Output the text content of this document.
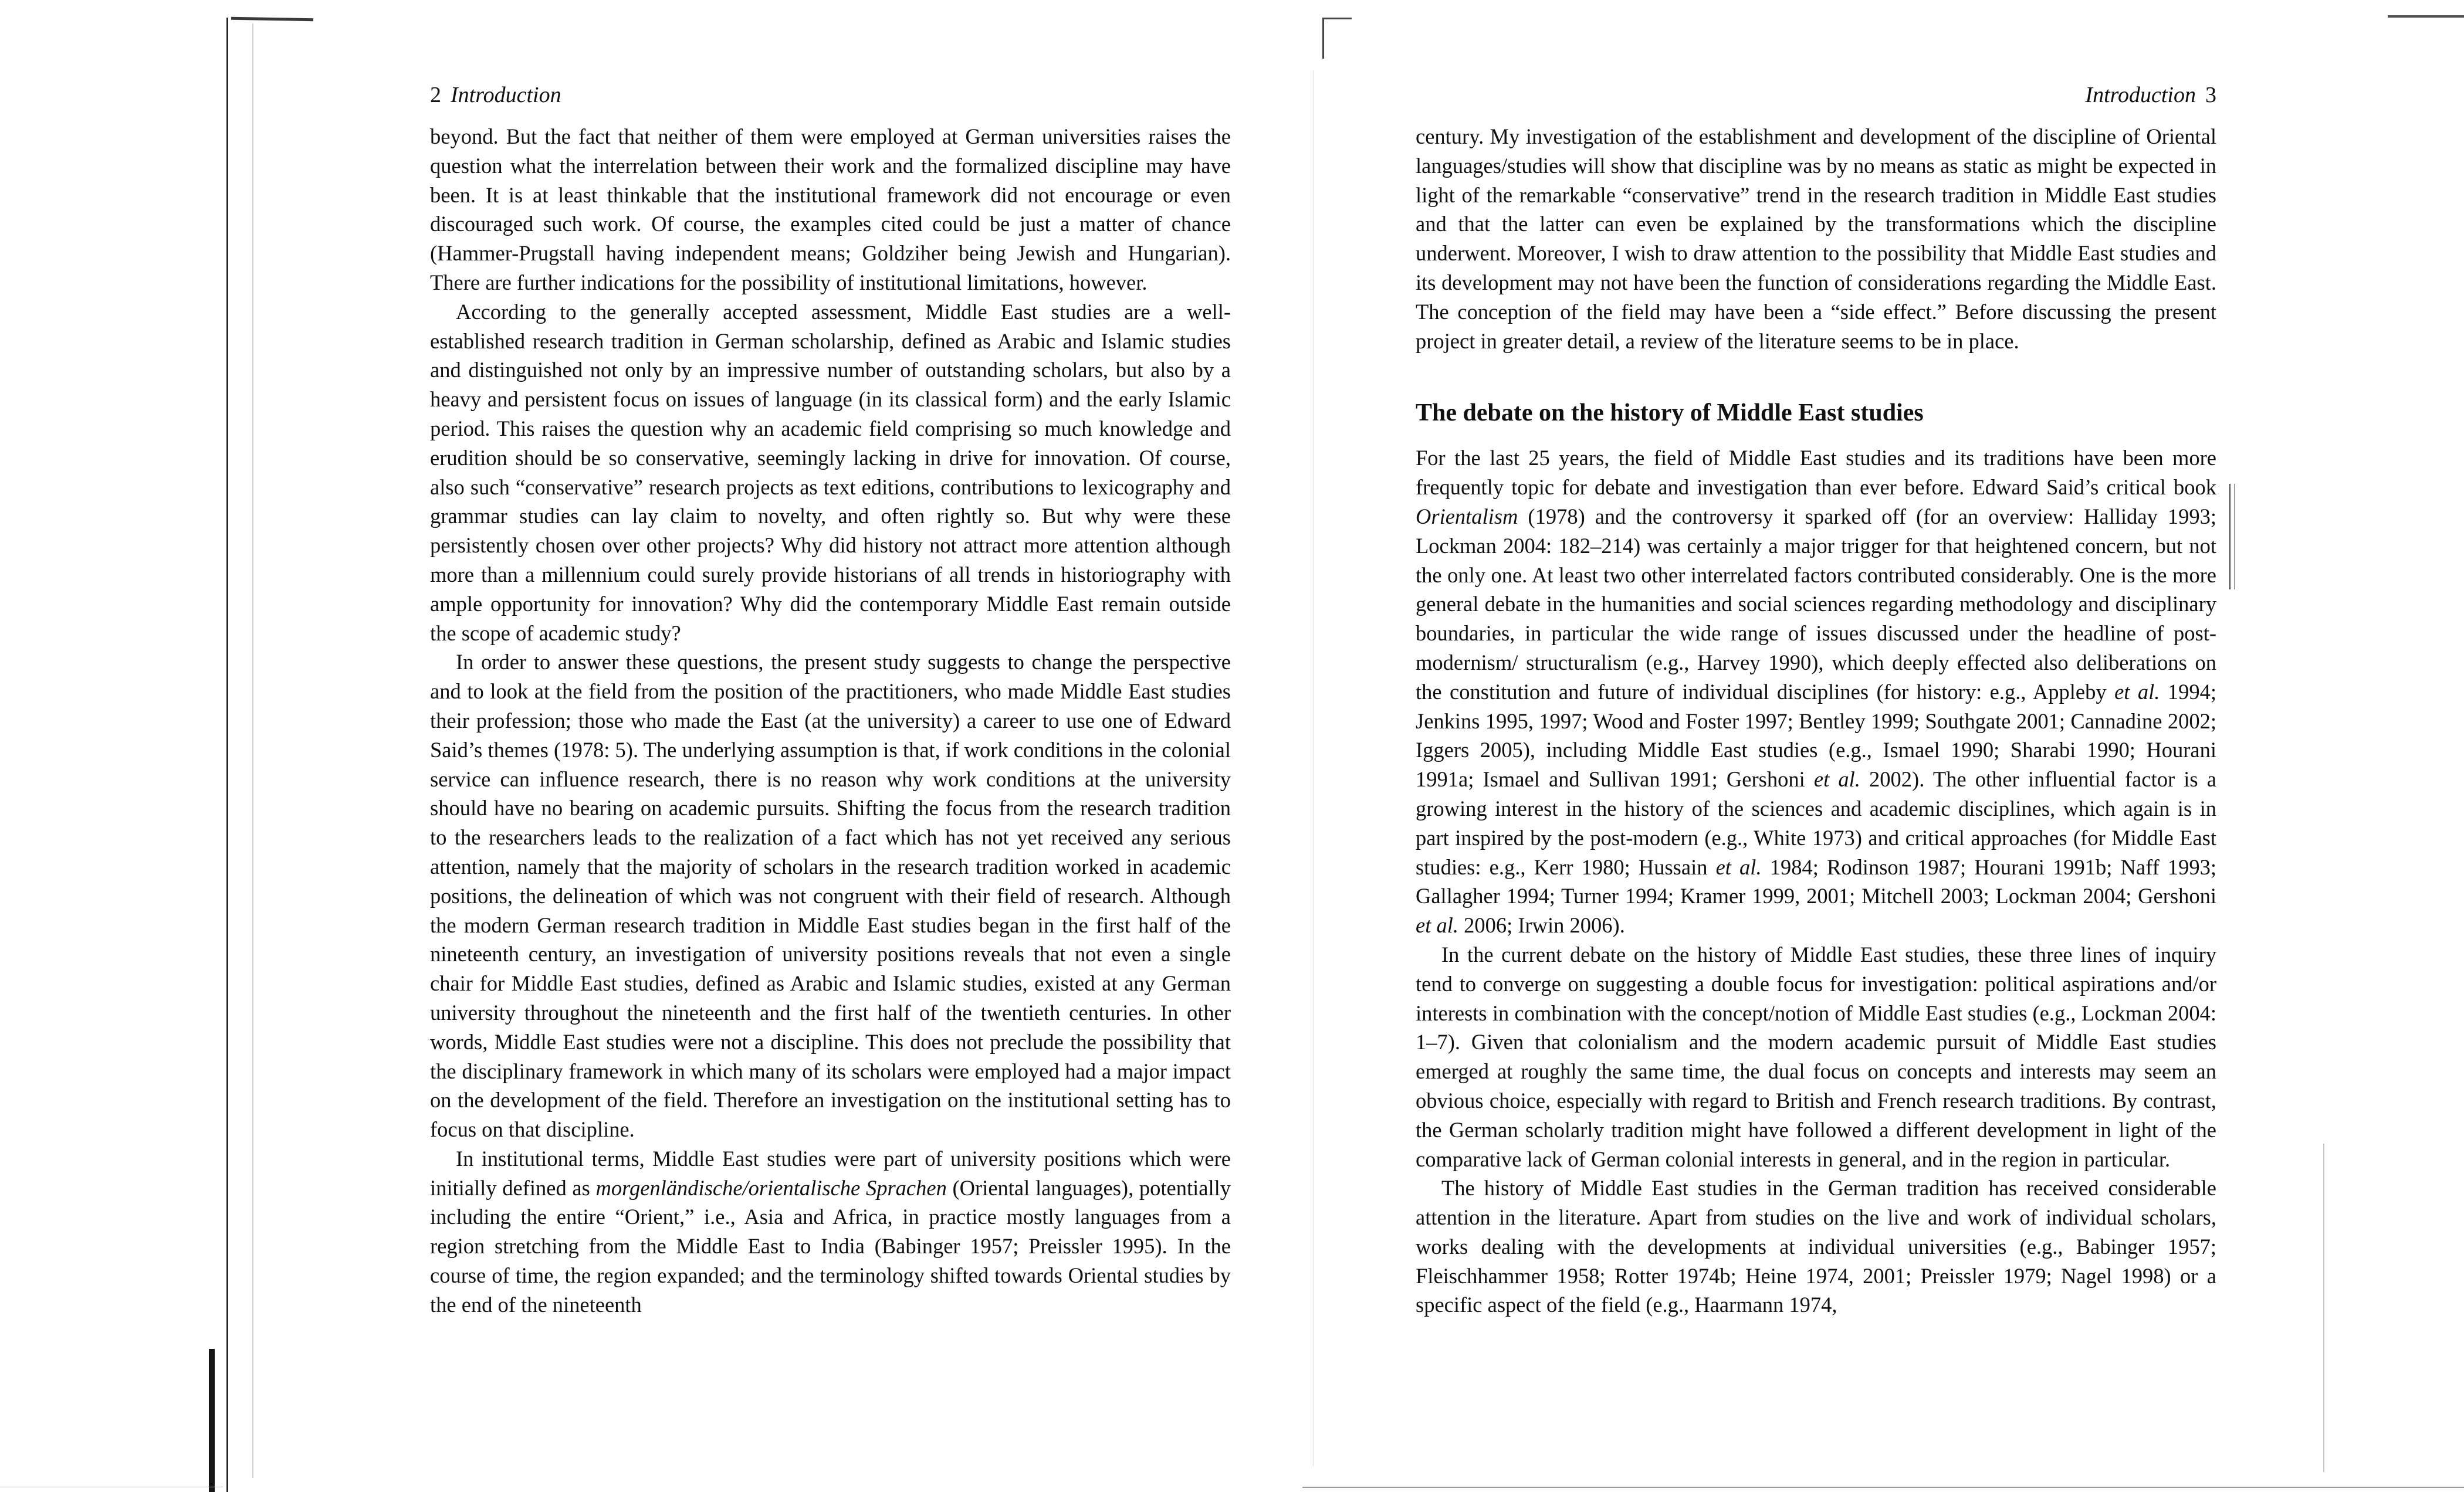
2 Introduction

beyond. But the fact that neither of them were employed at German universities raises the question what the interrelation between their work and the formalized discipline may have been. It is at least thinkable that the institutional framework did not encourage or even discouraged such work. Of course, the examples cited could be just a matter of chance (Hammer-Prugstall having independent means; Goldziher being Jewish and Hungarian). There are further indications for the possibility of institutional limitations, however.

According to the generally accepted assessment, Middle East studies are a well-established research tradition in German scholarship, defined as Arabic and Islamic studies and distinguished not only by an impressive number of outstanding scholars, but also by a heavy and persistent focus on issues of language (in its classical form) and the early Islamic period. This raises the question why an academic field comprising so much knowledge and erudition should be so conservative, seemingly lacking in drive for innovation. Of course, also such “conservative” research projects as text editions, contributions to lexicography and grammar studies can lay claim to novelty, and often rightly so. But why were these persistently chosen over other projects? Why did history not attract more attention although more than a millennium could surely provide historians of all trends in historiography with ample opportunity for innovation? Why did the contemporary Middle East remain outside the scope of academic study?

In order to answer these questions, the present study suggests to change the perspective and to look at the field from the position of the practitioners, who made Middle East studies their profession; those who made the East (at the university) a career to use one of Edward Said’s themes (1978: 5). The underlying assumption is that, if work conditions in the colonial service can influence research, there is no reason why work conditions at the university should have no bearing on academic pursuits. Shifting the focus from the research tradition to the researchers leads to the realization of a fact which has not yet received any serious attention, namely that the majority of scholars in the research tradition worked in academic positions, the delineation of which was not congruent with their field of research. Although the modern German research tradition in Middle East studies began in the first half of the nineteenth century, an investigation of university positions reveals that not even a single chair for Middle East studies, defined as Arabic and Islamic studies, existed at any German university throughout the nineteenth and the first half of the twentieth centuries. In other words, Middle East studies were not a discipline. This does not preclude the possibility that the disciplinary framework in which many of its scholars were employed had a major impact on the development of the field. Therefore an investigation on the institutional setting has to focus on that discipline.

In institutional terms, Middle East studies were part of university positions which were initially defined as morgenländische/orientalische Sprachen (Oriental languages), potentially including the entire “Orient,” i.e., Asia and Africa, in practice mostly languages from a region stretching from the Middle East to India (Babinger 1957; Preissler 1995). In the course of time, the region expanded; and the terminology shifted towards Oriental studies by the end of the nineteenth

Introduction 3

century. My investigation of the establishment and development of the discipline of Oriental languages/studies will show that discipline was by no means as static as might be expected in light of the remarkable “conservative” trend in the research tradition in Middle East studies and that the latter can even be explained by the transformations which the discipline underwent. Moreover, I wish to draw attention to the possibility that Middle East studies and its development may not have been the function of considerations regarding the Middle East. The conception of the field may have been a “side effect.” Before discussing the present project in greater detail, a review of the literature seems to be in place.

The debate on the history of Middle East studies

For the last 25 years, the field of Middle East studies and its traditions have been more frequently topic for debate and investigation than ever before. Edward Said’s critical book Orientalism (1978) and the controversy it sparked off (for an overview: Halliday 1993; Lockman 2004: 182–214) was certainly a major trigger for that heightened concern, but not the only one. At least two other interrelated factors contributed considerably. One is the more general debate in the humanities and social sciences regarding methodology and disciplinary boundaries, in particular the wide range of issues discussed under the headline of post-modernism/ structuralism (e.g., Harvey 1990), which deeply effected also deliberations on the constitution and future of individual disciplines (for history: e.g., Appleby et al. 1994; Jenkins 1995, 1997; Wood and Foster 1997; Bentley 1999; Southgate 2001; Cannadine 2002; Iggers 2005), including Middle East studies (e.g., Ismael 1990; Sharabi 1990; Hourani 1991a; Ismael and Sullivan 1991; Gershoni et al. 2002). The other influential factor is a growing interest in the history of the sciences and academic disciplines, which again is in part inspired by the post-modern (e.g., White 1973) and critical approaches (for Middle East studies: e.g., Kerr 1980; Hussain et al. 1984; Rodinson 1987; Hourani 1991b; Naff 1993; Gallagher 1994; Turner 1994; Kramer 1999, 2001; Mitchell 2003; Lockman 2004; Gershoni et al. 2006; Irwin 2006).

In the current debate on the history of Middle East studies, these three lines of inquiry tend to converge on suggesting a double focus for investigation: political aspirations and/or interests in combination with the concept/notion of Middle East studies (e.g., Lockman 2004: 1–7). Given that colonialism and the modern academic pursuit of Middle East studies emerged at roughly the same time, the dual focus on concepts and interests may seem an obvious choice, especially with regard to British and French research traditions. By contrast, the German scholarly tradition might have followed a different development in light of the comparative lack of German colonial interests in general, and in the region in particular.

The history of Middle East studies in the German tradition has received considerable attention in the literature. Apart from studies on the live and work of individual scholars, works dealing with the developments at individual universities (e.g., Babinger 1957; Fleischhammer 1958; Rotter 1974b; Heine 1974, 2001; Preissler 1979; Nagel 1998) or a specific aspect of the field (e.g., Haarmann 1974,
